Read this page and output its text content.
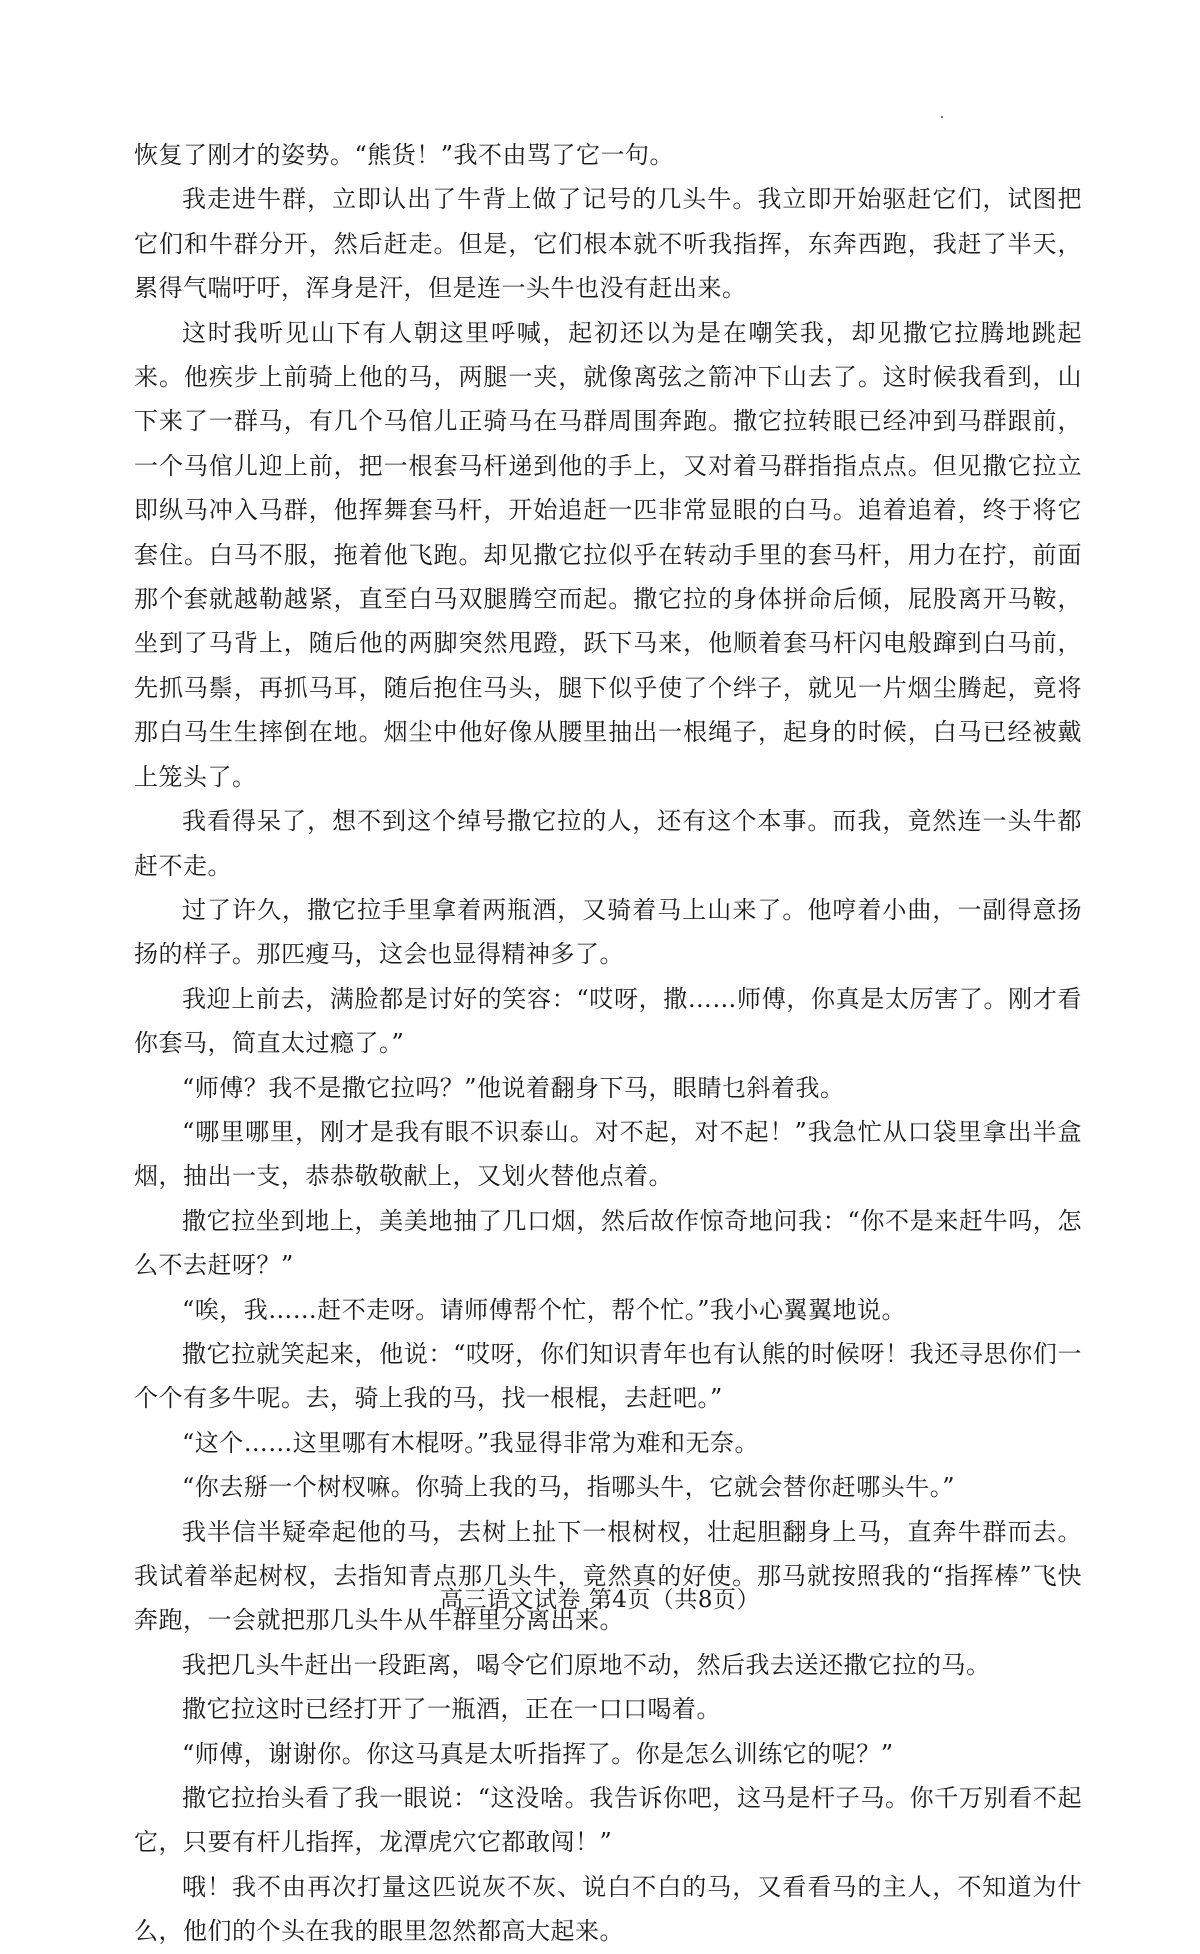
恢复了刚才的姿势。“熊货！”我不由骂了它一句。

我走进牛群，立即认出了牛背上做了记号的几头牛。我立即开始驱赶它们，试图把它们和牛群分开，然后赶走。但是，它们根本就不听我指挥，东奔西跑，我赶了半天，累得气喘吁吁，浑身是汗，但是连一头牛也没有赶出来。

这时我听见山下有人朝这里呼喊，起初还以为是在嘲笑我，却见撒它拉腾地跳起来。他疾步上前骑上他的马，两腿一夹，就像离弦之箭冲下山去了。这时候我看到，山下来了一群马，有几个马倌儿正骑马在马群周围奔跑。撒它拉转眼已经冲到马群跟前，一个马倌儿迎上前，把一根套马杆递到他的手上，又对着马群指指点点。但见撒它拉立即纵马冲入马群，他挥舞套马杆，开始追赶一匹非常显眼的白马。追着追着，终于将它套住。白马不服，拖着他飞跑。却见撒它拉似乎在转动手里的套马杆，用力在拧，前面那个套就越勒越紧，直至白马双腿腾空而起。撒它拉的身体拼命后倾，屁股离开马鞍，坐到了马背上，随后他的两脚突然甩蹬，跃下马来，他顺着套马杆闪电般蹿到白马前，先抓马鬃，再抓马耳，随后抱住马头，腿下似乎使了个绊子，就见一片烟尘腾起，竟将那白马生生摔倒在地。烟尘中他好像从腰里抽出一根绳子，起身的时候，白马已经被戴上笼头了。

我看得呆了，想不到这个绰号撒它拉的人，还有这个本事。而我，竟然连一头牛都赶不走。

过了许久，撒它拉手里拿着两瓶酒，又骑着马上山来了。他哼着小曲，一副得意扬扬的样子。那匹瘦马，这会也显得精神多了。

我迎上前去，满脸都是讨好的笑容：“哎呀，撒……师傅，你真是太厉害了。刚才看你套马，简直太过瘾了。”

“师傅？我不是撒它拉吗？”他说着翻身下马，眼睛乜斜着我。

“哪里哪里，刚才是我有眼不识泰山。对不起，对不起！”我急忙从口袋里拿出半盒烟，抽出一支，恭恭敬敬献上，又划火替他点着。

撒它拉坐到地上，美美地抽了几口烟，然后故作惊奇地问我：“你不是来赶牛吗，怎么不去赶呀？”

“唉，我……赶不走呀。请师傅帮个忙，帮个忙。”我小心翼翼地说。

撒它拉就笑起来，他说：“哎呀，你们知识青年也有认熊的时候呀！我还寻思你们一个个有多牛呢。去，骑上我的马，找一根棍，去赶吧。”

“这个……这里哪有木棍呀。”我显得非常为难和无奈。

“你去掰一个树杈嘛。你骑上我的马，指哪头牛，它就会替你赶哪头牛。”

我半信半疑牵起他的马，去树上扯下一根树杈，壮起胆翻身上马，直奔牛群而去。我试着举起树杈，去指知青点那几头牛，竟然真的好使。那马就按照我的“指挥棒”飞快奔跑，一会就把那几头牛从牛群里分离出来。

我把几头牛赶出一段距离，喝令它们原地不动，然后我去送还撒它拉的马。

撒它拉这时已经打开了一瓶酒，正在一口口喝着。

“师傅，谢谢你。你这马真是太听指挥了。你是怎么训练它的呢？”

撒它拉抬头看了我一眼说：“这没啥。我告诉你吧，这马是杆子马。你千万别看不起它，只要有杆儿指挥，龙潭虎穴它都敢闯！”

哦！我不由再次打量这匹说灰不灰、说白不白的马，又看看马的主人，不知道为什么，他们的个头在我的眼里忽然都高大起来。

高三语文试卷 第4页（共8页）
